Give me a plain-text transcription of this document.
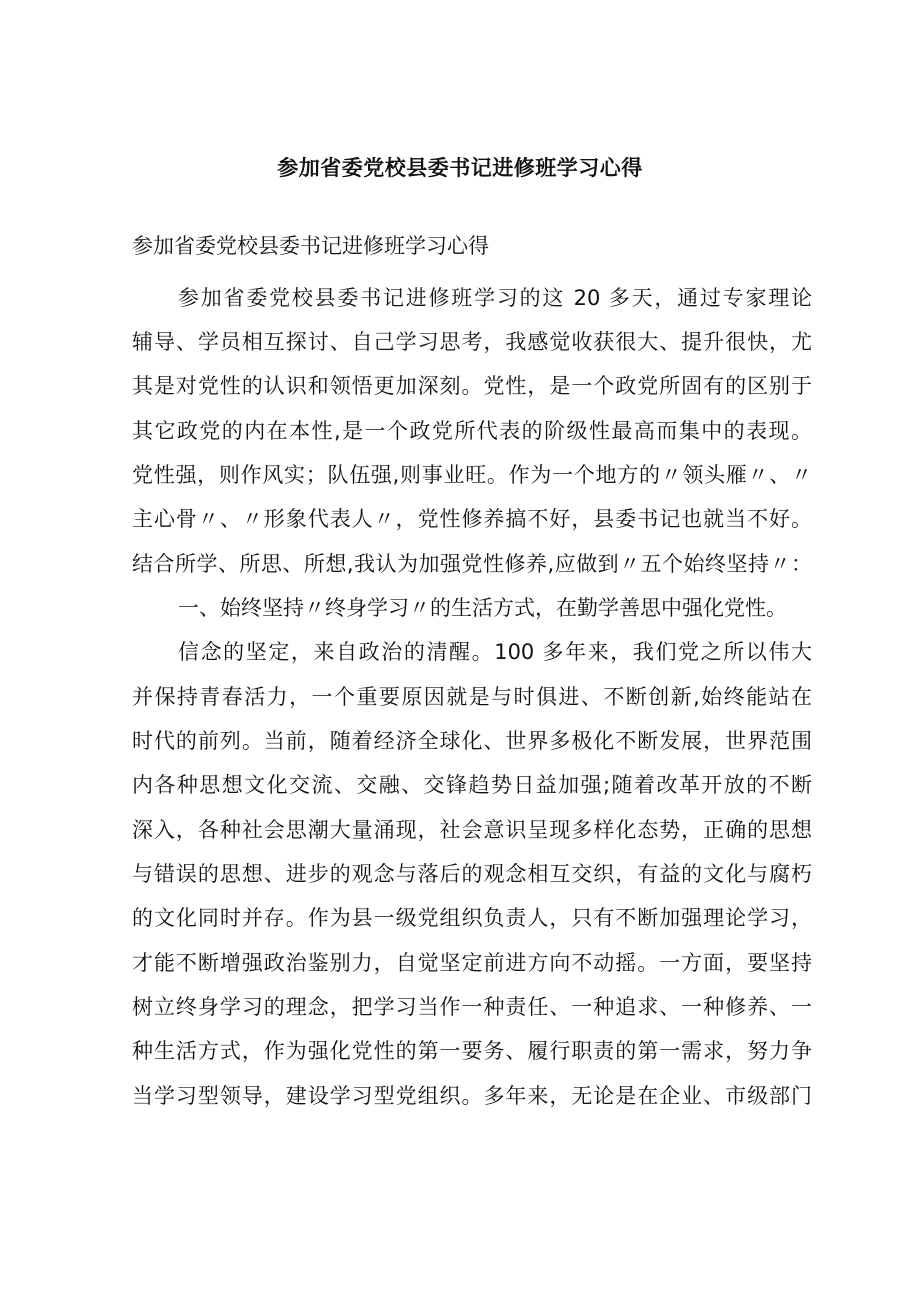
参加省委党校县委书记进修班学习心得
参加省委党校县委书记进修班学习心得
参加省委党校县委书记进修班学习的这 20 多天，通过专家理论
辅导、学员相互探讨、自己学习思考，我感觉收获很大、提升很快，尤
其是对党性的认识和领悟更加深刻。党性，是一个政党所固有的区别于
其它政党的内在本性,是一个政党所代表的阶级性最高而集中的表现。
党性强，则作风实；队伍强,则事业旺。作为一个地方的〃领头雁〃、〃
主心骨〃、〃形象代表人〃，党性修养搞不好，县委书记也就当不好。
结合所学、所思、所想,我认为加强党性修养,应做到〃五个始终坚持〃：
一、始终坚持〃终身学习〃的生活方式，在勤学善思中强化党性。
信念的坚定，来自政治的清醒。100 多年来，我们党之所以伟大
并保持青春活力，一个重要原因就是与时俱进、不断创新,始终能站在
时代的前列。当前，随着经济全球化、世界多极化不断发展，世界范围
内各种思想文化交流、交融、交锋趋势日益加强;随着改革开放的不断
深入，各种社会思潮大量涌现，社会意识呈现多样化态势，正确的思想
与错误的思想、进步的观念与落后的观念相互交织，有益的文化与腐朽
的文化同时并存。作为县一级党组织负责人，只有不断加强理论学习，
才能不断增强政治鉴别力，自觉坚定前进方向不动摇。一方面，要坚持
树立终身学习的理念，把学习当作一种责任、一种追求、一种修养、一
种生活方式，作为强化党性的第一要务、履行职责的第一需求，努力争
当学习型领导，建设学习型党组织。多年来，无论是在企业、市级部门
